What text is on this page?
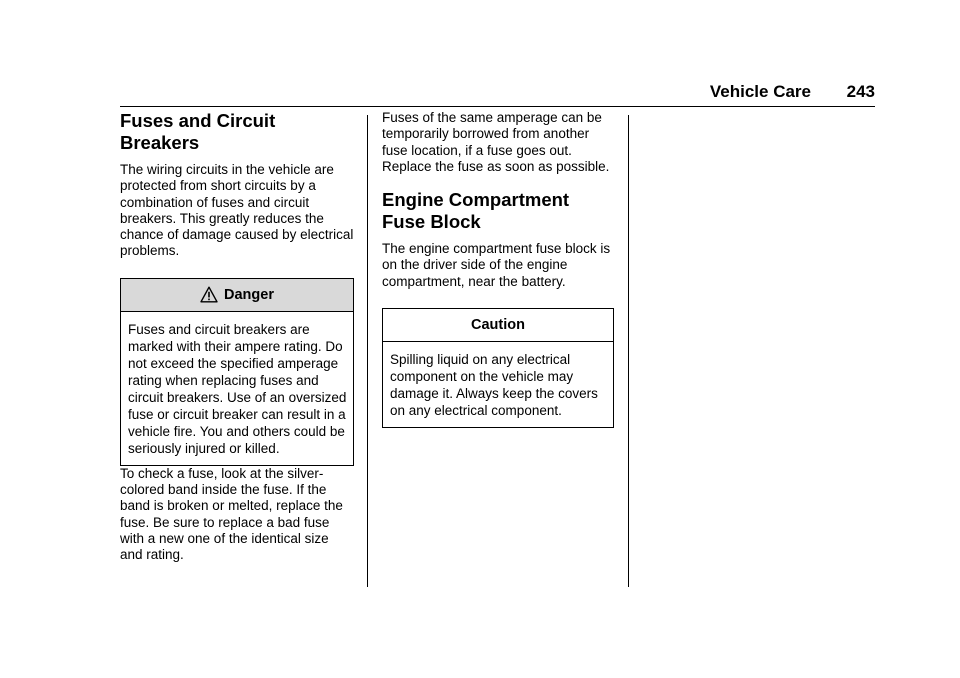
Vehicle Care 243
Fuses and Circuit Breakers

The wiring circuits in the vehicle are protected from short circuits by a combination of fuses and circuit breakers. This greatly reduces the chance of damage caused by electrical problems.

Danger
Fuses and circuit breakers are marked with their ampere rating. Do not exceed the specified amperage rating when replacing fuses and circuit breakers. Use of an oversized fuse or circuit breaker can result in a vehicle fire. You and others could be seriously injured or killed.

To check a fuse, look at the silver-colored band inside the fuse. If the band is broken or melted, replace the fuse. Be sure to replace a bad fuse with a new one of the identical size and rating.

Fuses of the same amperage can be temporarily borrowed from another fuse location, if a fuse goes out. Replace the fuse as soon as possible.

Engine Compartment Fuse Block

The engine compartment fuse block is on the driver side of the engine compartment, near the battery.

Caution
Spilling liquid on any electrical component on the vehicle may damage it. Always keep the covers on any electrical component.
